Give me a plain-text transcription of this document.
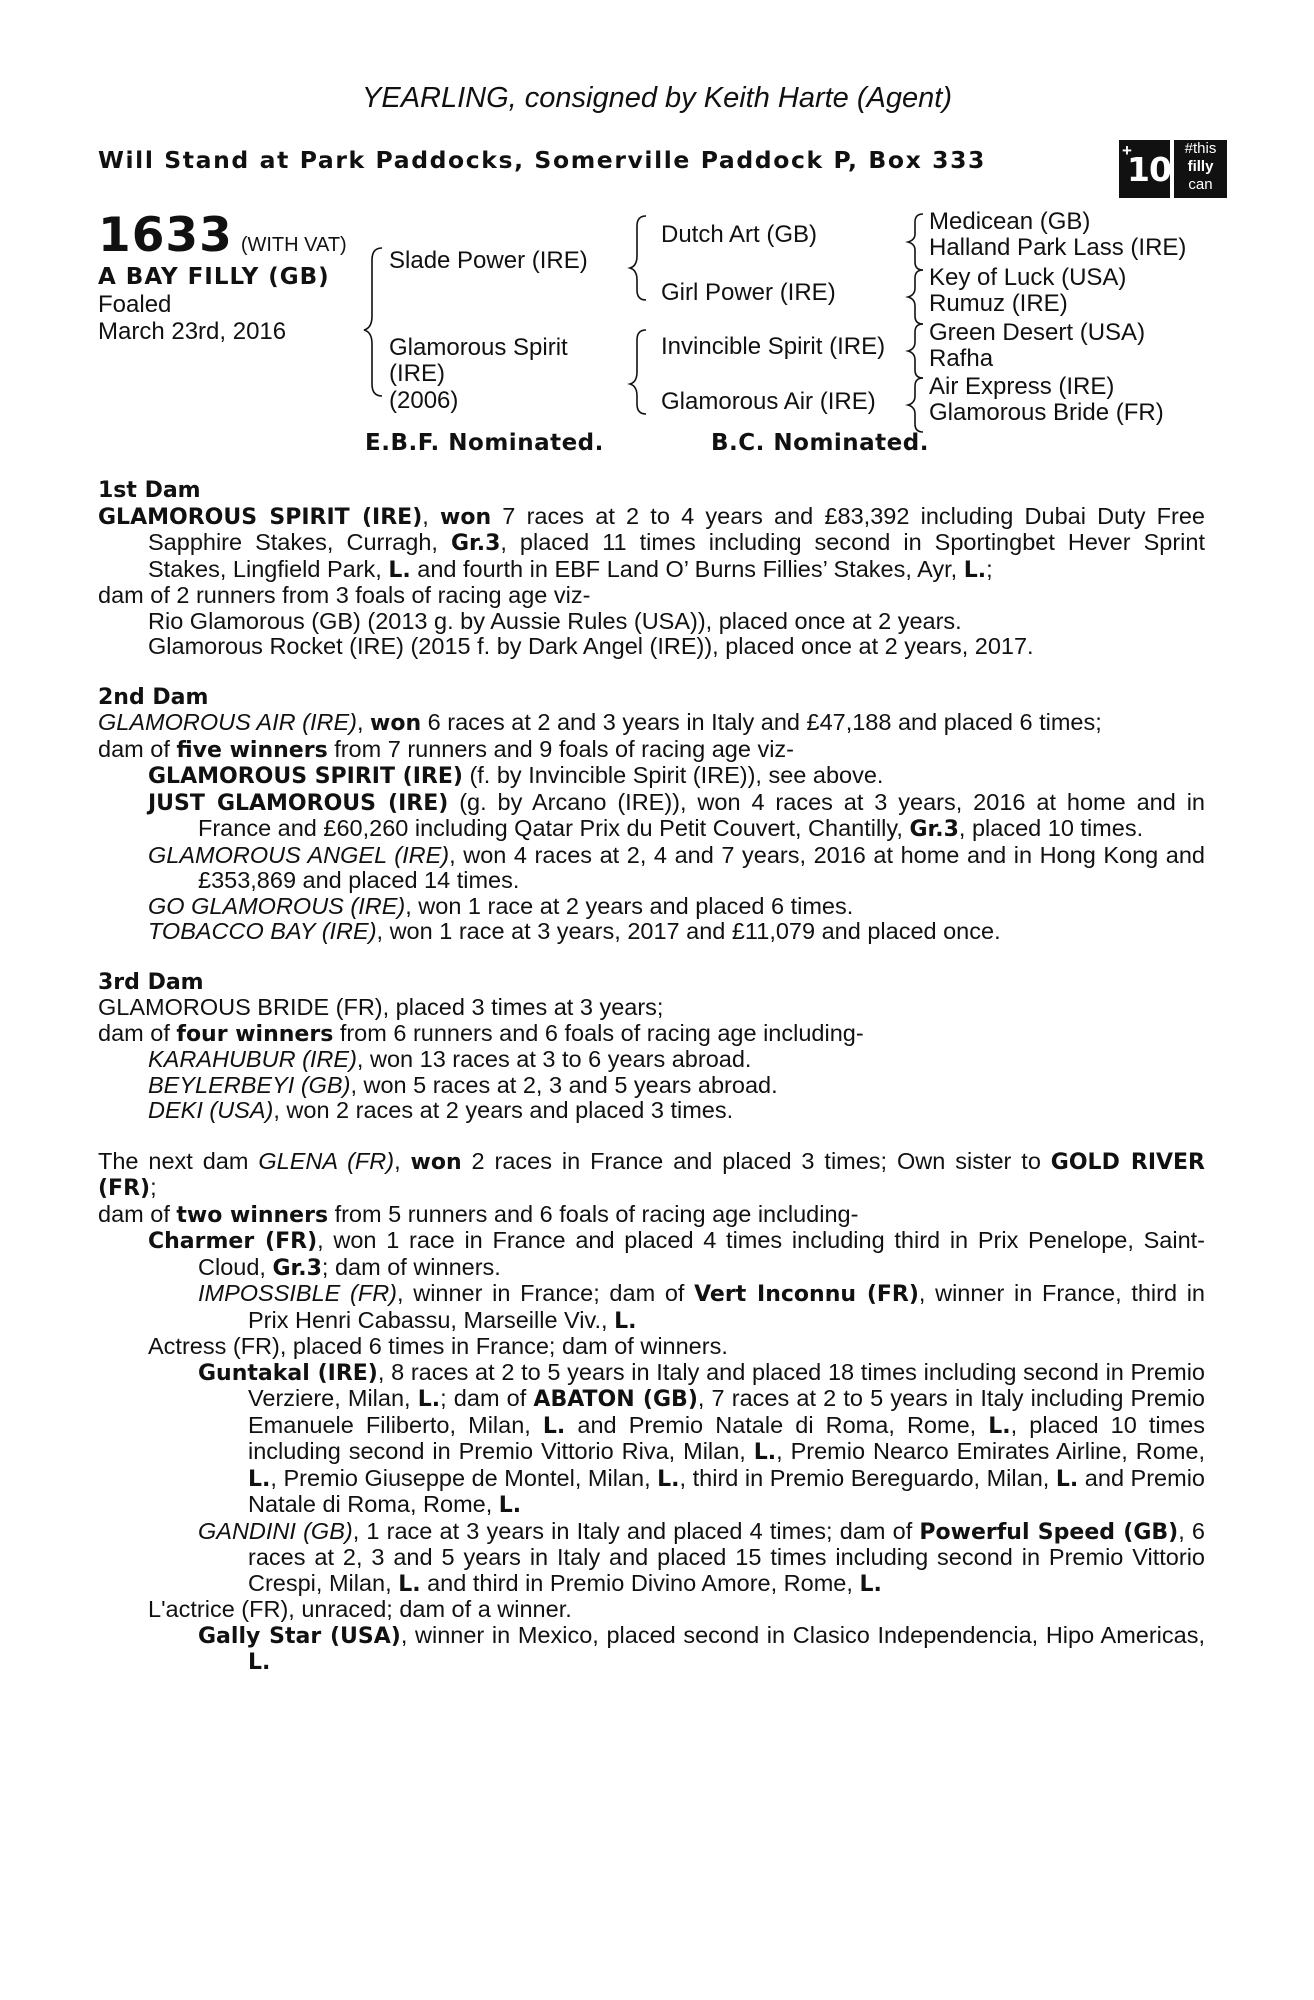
YEARLING, consigned by Keith Harte (Agent)
Will Stand at Park Paddocks, Somerville Paddock P, Box 333	+
10
#this
filly
can
1633 (WITH VAT)
A BAY FILLY (GB)
Foaled
March 23rd, 2016
Slade Power (IRE)
Glamorous Spirit
(IRE)
(2006)
Dutch Art (GB)
Girl Power (IRE)
Invincible Spirit (IRE)
Glamorous Air (IRE)
Medicean (GB)
Halland Park Lass (IRE)
Key of Luck (USA)
Rumuz (IRE)
Green Desert (USA)
Rafha
Air Express (IRE)
Glamorous Bride (FR)
E.B.F. Nominated.	B.C. Nominated.
1st Dam
GLAMOROUS SPIRIT (IRE), won 7 races at 2 to 4 years and £83,392 including Dubai Duty Free Sapphire Stakes, Curragh, Gr.3, placed 11 times including second in Sportingbet Hever Sprint Stakes, Lingfield Park, L. and fourth in EBF Land O’ Burns Fillies’ Stakes, Ayr, L.;
dam of 2 runners from 3 foals of racing age viz-
Rio Glamorous (GB) (2013 g. by Aussie Rules (USA)), placed once at 2 years.
Glamorous Rocket (IRE) (2015 f. by Dark Angel (IRE)), placed once at 2 years, 2017.
2nd Dam
GLAMOROUS AIR (IRE), won 6 races at 2 and 3 years in Italy and £47,188 and placed 6 times;
dam of five winners from 7 runners and 9 foals of racing age viz-
GLAMOROUS SPIRIT (IRE) (f. by Invincible Spirit (IRE)), see above.
JUST GLAMOROUS (IRE) (g. by Arcano (IRE)), won 4 races at 3 years, 2016 at home and in France and £60,260 including Qatar Prix du Petit Couvert, Chantilly, Gr.3, placed 10 times.
GLAMOROUS ANGEL (IRE), won 4 races at 2, 4 and 7 years, 2016 at home and in Hong Kong and £353,869 and placed 14 times.
GO GLAMOROUS (IRE), won 1 race at 2 years and placed 6 times.
TOBACCO BAY (IRE), won 1 race at 3 years, 2017 and £11,079 and placed once.
3rd Dam
GLAMOROUS BRIDE (FR), placed 3 times at 3 years;
dam of four winners from 6 runners and 6 foals of racing age including-
KARAHUBUR (IRE), won 13 races at 3 to 6 years abroad.
BEYLERBEYI (GB), won 5 races at 2, 3 and 5 years abroad.
DEKI (USA), won 2 races at 2 years and placed 3 times.
The next dam GLENA (FR), won 2 races in France and placed 3 times; Own sister to GOLD RIVER (FR);
dam of two winners from 5 runners and 6 foals of racing age including-
Charmer (FR), won 1 race in France and placed 4 times including third in Prix Penelope, Saint-Cloud, Gr.3; dam of winners.
IMPOSSIBLE (FR), winner in France; dam of Vert Inconnu (FR), winner in France, third in Prix Henri Cabassu, Marseille Viv., L.
Actress (FR), placed 6 times in France; dam of winners.
Guntakal (IRE), 8 races at 2 to 5 years in Italy and placed 18 times including second in Premio Verziere, Milan, L.; dam of ABATON (GB), 7 races at 2 to 5 years in Italy including Premio Emanuele Filiberto, Milan, L. and Premio Natale di Roma, Rome, L., placed 10 times including second in Premio Vittorio Riva, Milan, L., Premio Nearco Emirates Airline, Rome, L., Premio Giuseppe de Montel, Milan, L., third in Premio Bereguardo, Milan, L. and Premio Natale di Roma, Rome, L.
GANDINI (GB), 1 race at 3 years in Italy and placed 4 times; dam of Powerful Speed (GB), 6 races at 2, 3 and 5 years in Italy and placed 15 times including second in Premio Vittorio Crespi, Milan, L. and third in Premio Divino Amore, Rome, L.
L'actrice (FR), unraced; dam of a winner.
Gally Star (USA), winner in Mexico, placed second in Clasico Independencia, Hipo Americas, L.
